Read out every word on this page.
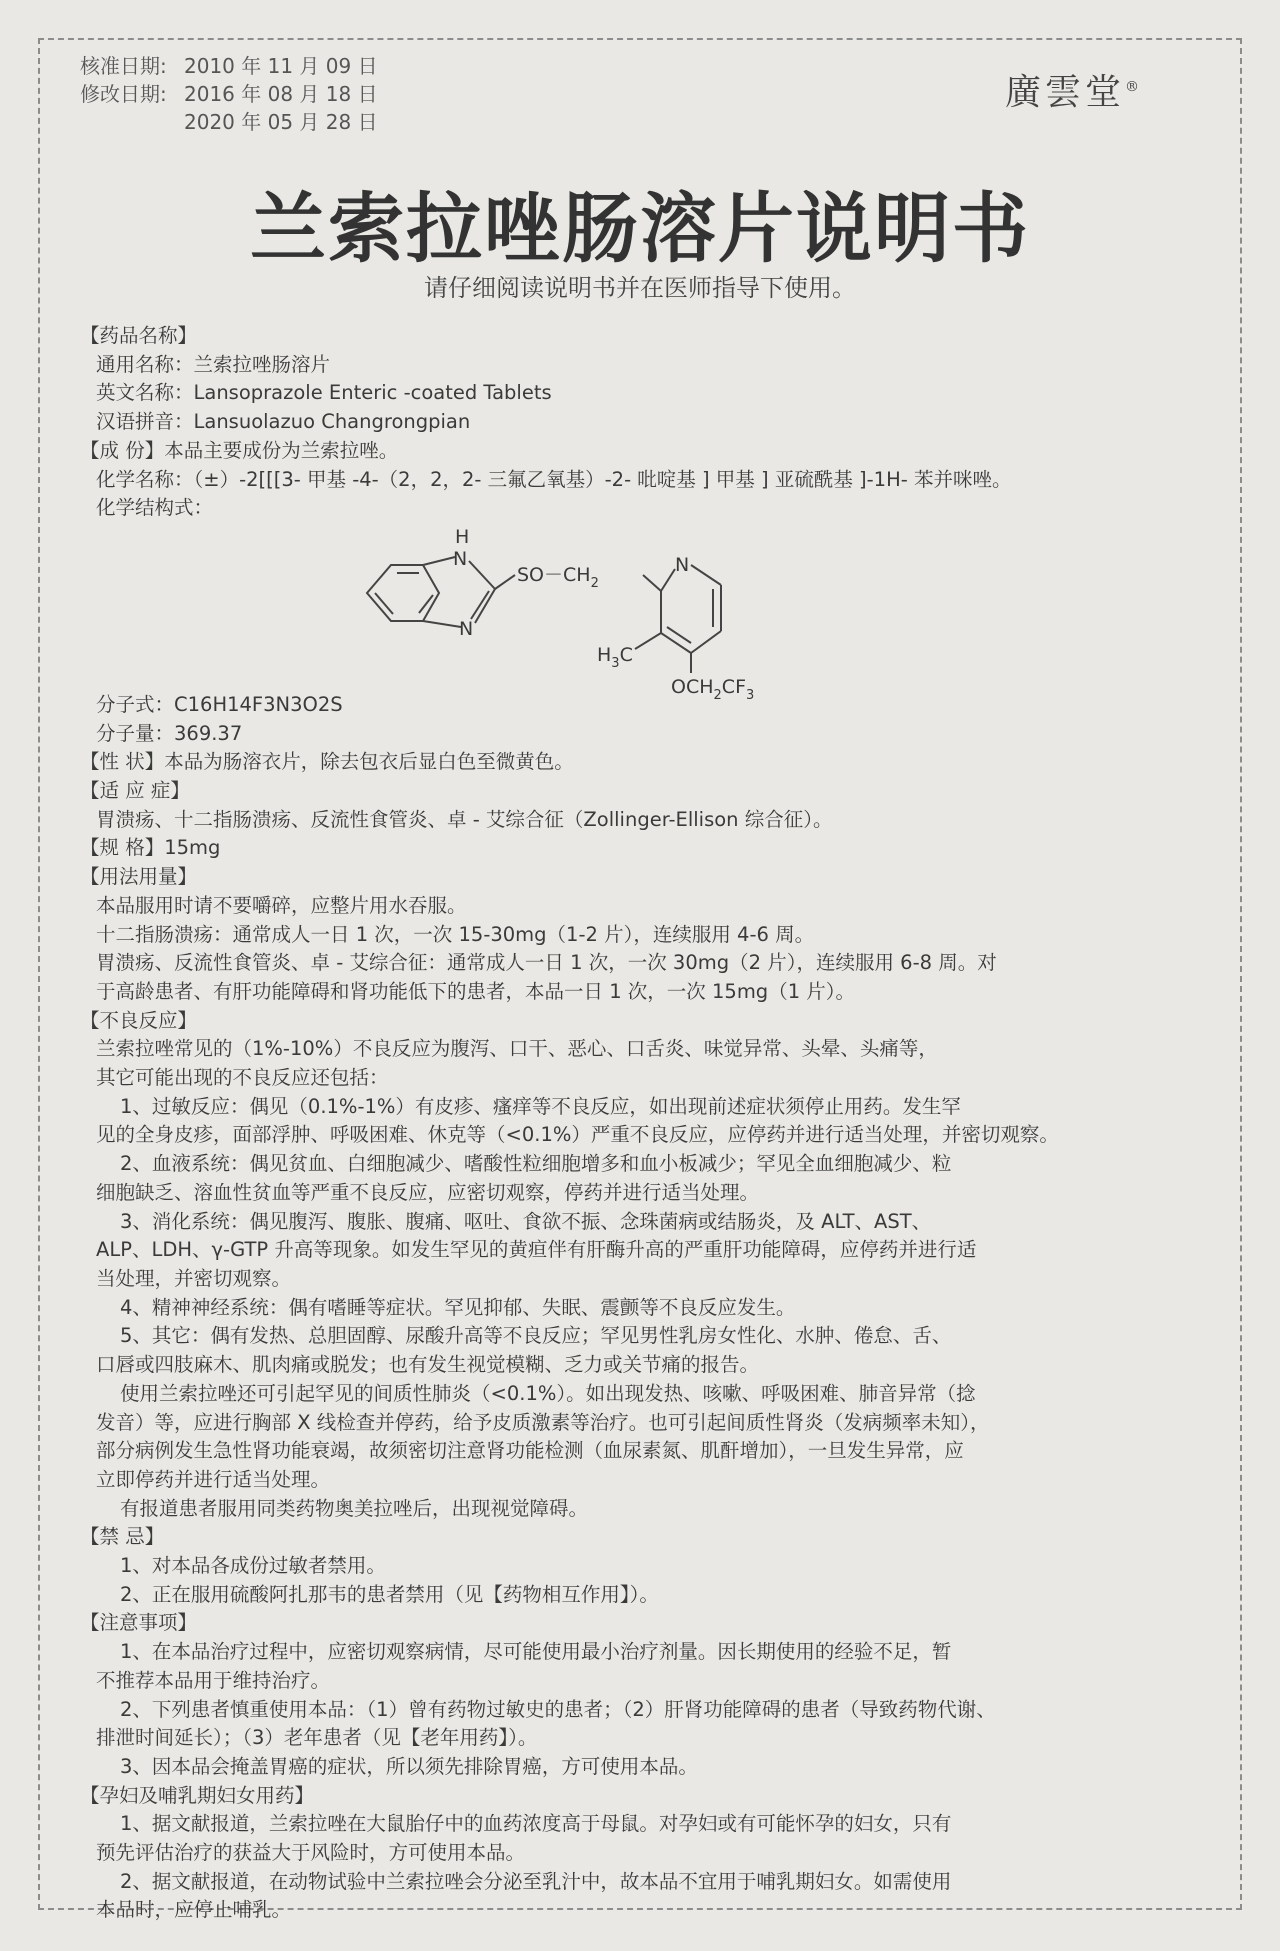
核准日期: 2010 年 11 月 09 日
修改日期: 2016 年 08 月 18 日
2020 年 05 月 28 日
廣雲堂®
兰索拉唑肠溶片说明书
请仔细阅读说明书并在医师指导下使用。
【药品名称】
通用名称：兰索拉唑肠溶片
英文名称：Lansoprazole Enteric -coated Tablets
汉语拼音：Lansuolazuo Changrongpian
【成 份】本品主要成份为兰索拉唑。
化学名称：（±）-2[[[3- 甲基 -4-（2，2，2- 三氟乙氧基）-2- 吡啶基 ] 甲基 ] 亚硫酰基 ]-1H- 苯并咪唑。
化学结构式：
H
N
N
$SO-CH_2$
N
$H_3C$
$OCH_2CF_3$
分子式：C16H14F3N3O2S
分子量：369.37
【性 状】本品为肠溶衣片，除去包衣后显白色至微黄色。
【适 应 症】
胃溃疡、十二指肠溃疡、反流性食管炎、卓 - 艾综合征（Zollinger-Ellison 综合征）。
【规 格】15mg
【用法用量】
本品服用时请不要嚼碎，应整片用水吞服。
十二指肠溃疡：通常成人一日 1 次，一次 15-30mg（1-2 片），连续服用 4-6 周。
胃溃疡、反流性食管炎、卓 - 艾综合征：通常成人一日 1 次，一次 30mg（2 片），连续服用 6-8 周。对
于高龄患者、有肝功能障碍和肾功能低下的患者，本品一日 1 次，一次 15mg（1 片）。
【不良反应】
兰索拉唑常见的（1%-10%）不良反应为腹泻、口干、恶心、口舌炎、味觉异常、头晕、头痛等，
其它可能出现的不良反应还包括：
1、过敏反应：偶见（0.1%-1%）有皮疹、瘙痒等不良反应，如出现前述症状须停止用药。发生罕
见的全身皮疹，面部浮肿、呼吸困难、休克等（<0.1%）严重不良反应，应停药并进行适当处理，并密切观察。
2、血液系统：偶见贫血、白细胞减少、嗜酸性粒细胞增多和血小板减少；罕见全血细胞减少、粒
细胞缺乏、溶血性贫血等严重不良反应，应密切观察，停药并进行适当处理。
3、消化系统：偶见腹泻、腹胀、腹痛、呕吐、食欲不振、念珠菌病或结肠炎，及 ALT、AST、
ALP、LDH、γ-GTP 升高等现象。如发生罕见的黄疸伴有肝酶升高的严重肝功能障碍，应停药并进行适
当处理，并密切观察。
4、精神神经系统：偶有嗜睡等症状。罕见抑郁、失眠、震颤等不良反应发生。
5、其它：偶有发热、总胆固醇、尿酸升高等不良反应；罕见男性乳房女性化、水肿、倦怠、舌、
口唇或四肢麻木、肌肉痛或脱发；也有发生视觉模糊、乏力或关节痛的报告。
使用兰索拉唑还可引起罕见的间质性肺炎（<0.1%）。如出现发热、咳嗽、呼吸困难、肺音异常（捻
发音）等，应进行胸部 X 线检查并停药，给予皮质激素等治疗。也可引起间质性肾炎（发病频率未知），
部分病例发生急性肾功能衰竭，故须密切注意肾功能检测（血尿素氮、肌酐增加），一旦发生异常，应
立即停药并进行适当处理。
有报道患者服用同类药物奥美拉唑后，出现视觉障碍。
【禁 忌】
1、对本品各成份过敏者禁用。
2、正在服用硫酸阿扎那韦的患者禁用（见【药物相互作用】）。
【注意事项】
1、在本品治疗过程中，应密切观察病情，尽可能使用最小治疗剂量。因长期使用的经验不足，暂
不推荐本品用于维持治疗。
2、下列患者慎重使用本品：（1）曾有药物过敏史的患者；（2）肝肾功能障碍的患者（导致药物代谢、
排泄时间延长）；（3）老年患者（见【老年用药】）。
3、因本品会掩盖胃癌的症状，所以须先排除胃癌，方可使用本品。
【孕妇及哺乳期妇女用药】
1、据文献报道，兰索拉唑在大鼠胎仔中的血药浓度高于母鼠。对孕妇或有可能怀孕的妇女，只有
预先评估治疗的获益大于风险时，方可使用本品。
2、据文献报道，在动物试验中兰索拉唑会分泌至乳汁中，故本品不宜用于哺乳期妇女。如需使用
本品时，应停止哺乳。
